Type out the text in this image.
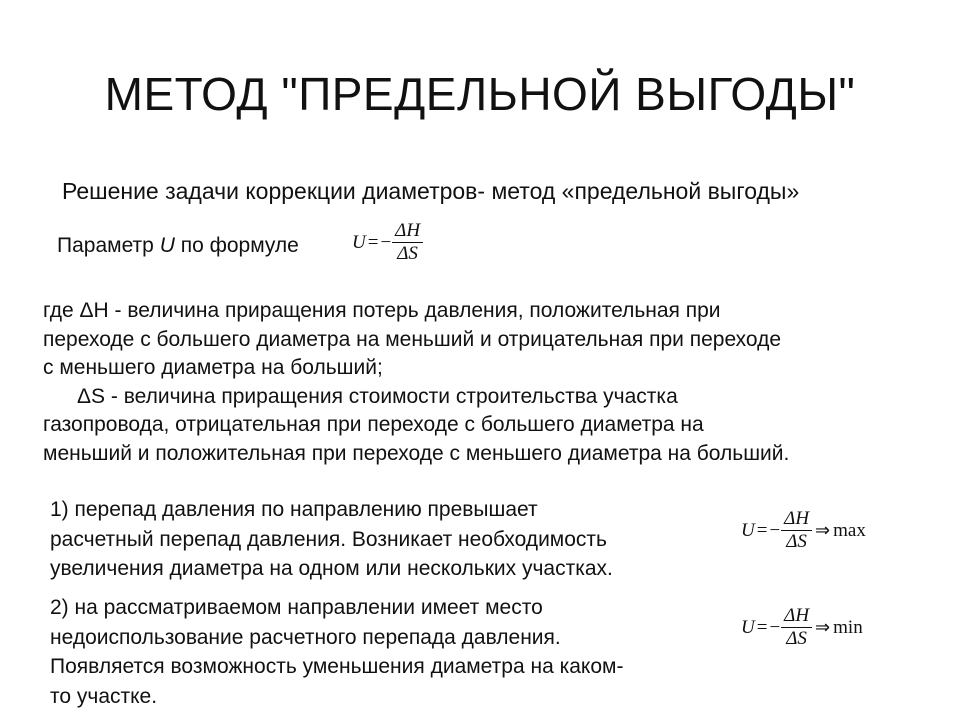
МЕТОД "ПРЕДЕЛЬНОЙ ВЫГОДЫ"
Решение задачи коррекции диаметров- метод «предельной выгоды»
Параметр U по формуле	U = − $\frac{\Delta H}{\Delta S}$
где ΔH - величина приращения потерь давления, положительная при
переходе с большего диаметра на меньший и отрицательная при переходе
с меньшего диаметра на больший;
ΔS - величина приращения стоимости строительства участка
газопровода, отрицательная при переходе с большего диаметра на
меньший и положительная при переходе с меньшего диаметра на больший.
1) перепад давления по направлению превышает
расчетный перепад давления. Возникает необходимость
увеличения диаметра на одном или нескольких участках.
U = − $\frac{\Delta H}{\Delta S}$ ⇒ max
2) на рассматриваемом направлении имеет место
недоиспользование расчетного перепада давления.
Появляется возможность уменьшения диаметра на каком-
то участке.
U = − $\frac{\Delta H}{\Delta S}$ ⇒ min
